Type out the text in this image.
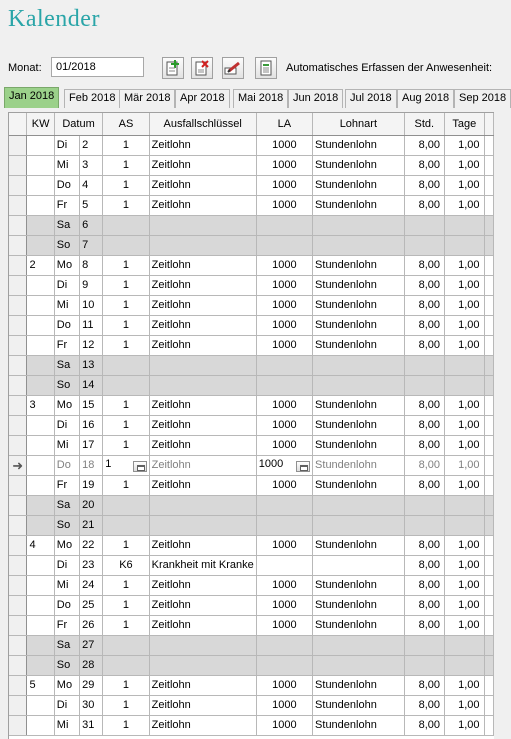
Kalender
Monat:
01/2018	Automatisches Erfassen der Anwesenheit:
Jan 2018	Feb 2018 Mär 2018 Apr 2018	Mai 2018 Jun 2018	Jul 2018 Aug 2018 Sep 2018
	KW	Datum		AS	Ausfallschlüssel	LA	Lohnart	Std.	Tage	

		Di	2	1	Zeitlohn	1000	Stundenlohn	8,00	1,00	

		Mi	3	1	Zeitlohn	1000	Stundenlohn	8,00	1,00	

		Do	4	1	Zeitlohn	1000	Stundenlohn	8,00	1,00	

		Fr	5	1	Zeitlohn	1000	Stundenlohn	8,00	1,00	

		Sa	6							

		So	7							

	2	Mo	8	1	Zeitlohn	1000	Stundenlohn	8,00	1,00	

		Di	9	1	Zeitlohn	1000	Stundenlohn	8,00	1,00	

		Mi	10	1	Zeitlohn	1000	Stundenlohn	8,00	1,00	

		Do	11	1	Zeitlohn	1000	Stundenlohn	8,00	1,00	

		Fr	12	1	Zeitlohn	1000	Stundenlohn	8,00	1,00	

		Sa	13							

		So	14							

	3	Mo	15	1	Zeitlohn	1000	Stundenlohn	8,00	1,00	

		Di	16	1	Zeitlohn	1000	Stundenlohn	8,00	1,00	

		Mi	17	1	Zeitlohn	1000	Stundenlohn	8,00	1,00	

➜		Do	18	1	Zeitlohn	1000	Stundenlohn	8,00	1,00	

		Fr	19	1	Zeitlohn	1000	Stundenlohn	8,00	1,00	

		Sa	20							

		So	21							

	4	Mo	22	1	Zeitlohn	1000	Stundenlohn	8,00	1,00	

		Di	23	K6	Krankheit mit Kranke			8,00	1,00	

		Mi	24	1	Zeitlohn	1000	Stundenlohn	8,00	1,00	

		Do	25	1	Zeitlohn	1000	Stundenlohn	8,00	1,00	

		Fr	26	1	Zeitlohn	1000	Stundenlohn	8,00	1,00	

		Sa	27							

		So	28							

	5	Mo	29	1	Zeitlohn	1000	Stundenlohn	8,00	1,00	

		Di	30	1	Zeitlohn	1000	Stundenlohn	8,00	1,00	

		Mi	31	1	Zeitlohn	1000	Stundenlohn	8,00	1,00	
